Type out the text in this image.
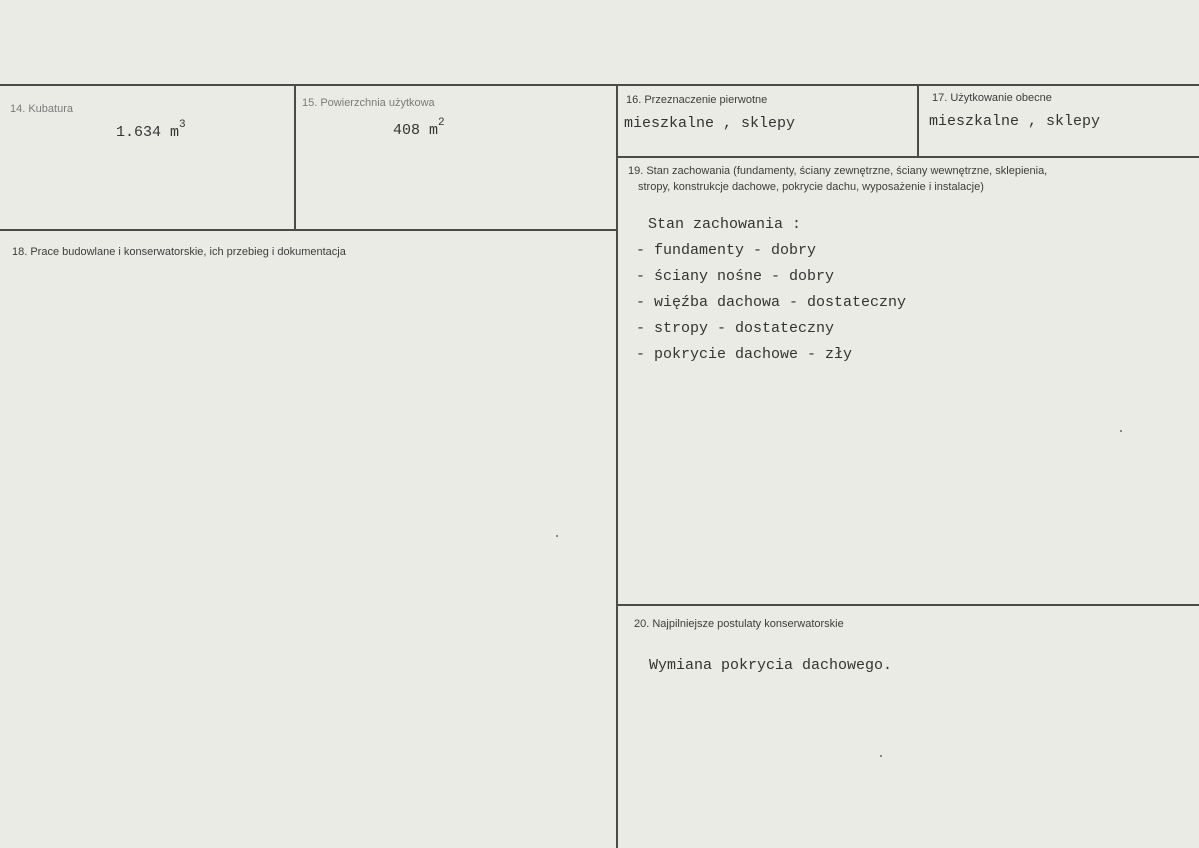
14. Kubatura
1.634 $m^3$
15. Powierzchnia użytkowa
408 $m^2$
16. Przeznaczenie pierwotne
mieszkalne , sklepy
17. Użytkowanie obecne
mieszkalne , sklepy
18. Prace budowlane i konserwatorskie, ich przebieg i dokumentacja
19. Stan zachowania (fundamenty, ściany zewnętrzne, ściany wewnętrzne, sklepienia,
stropy, konstrukcje dachowe, pokrycie dachu, wyposażenie i instalacje)
Stan zachowania :
- fundamenty - dobry
- ściany nośne - dobry
- więźba dachowa - dostateczny
- stropy - dostateczny
- pokrycie dachowe - zły
20. Najpilniejsze postulaty konserwatorskie
Wymiana pokrycia dachowego.
